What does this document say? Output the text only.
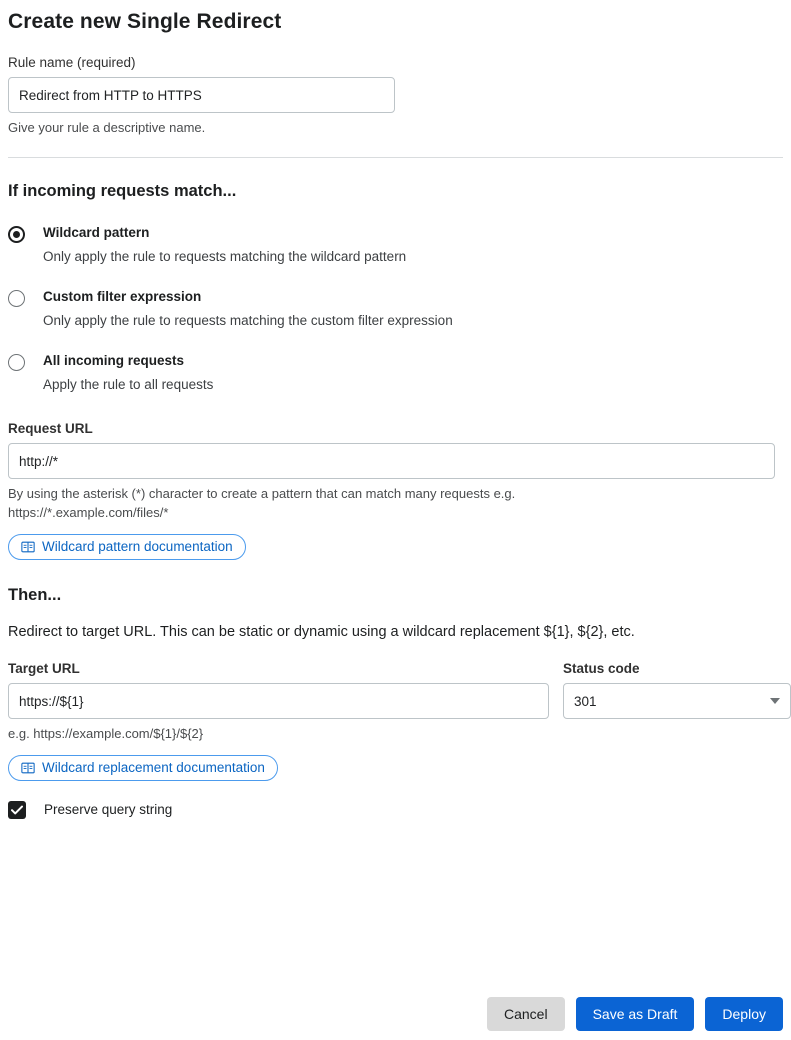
Create new Single Redirect
Rule name (required)
Redirect from HTTP to HTTPS
Give your rule a descriptive name.
If incoming requests match...
Wildcard pattern
Only apply the rule to requests matching the wildcard pattern
Custom filter expression
Only apply the rule to requests matching the custom filter expression
All incoming requests
Apply the rule to all requests
Request URL
http://*
By using the asterisk (*) character to create a pattern that can match many requests e.g. https://*.example.com/files/*
Wildcard pattern documentation
Then...
Redirect to target URL. This can be static or dynamic using a wildcard replacement ${1}, ${2}, etc.
Target URL
https://${1}	Status code
301
e.g. https://example.com/${1}/${2}
Wildcard replacement documentation
Preserve query string
Cancel	Save as Draft	Deploy
